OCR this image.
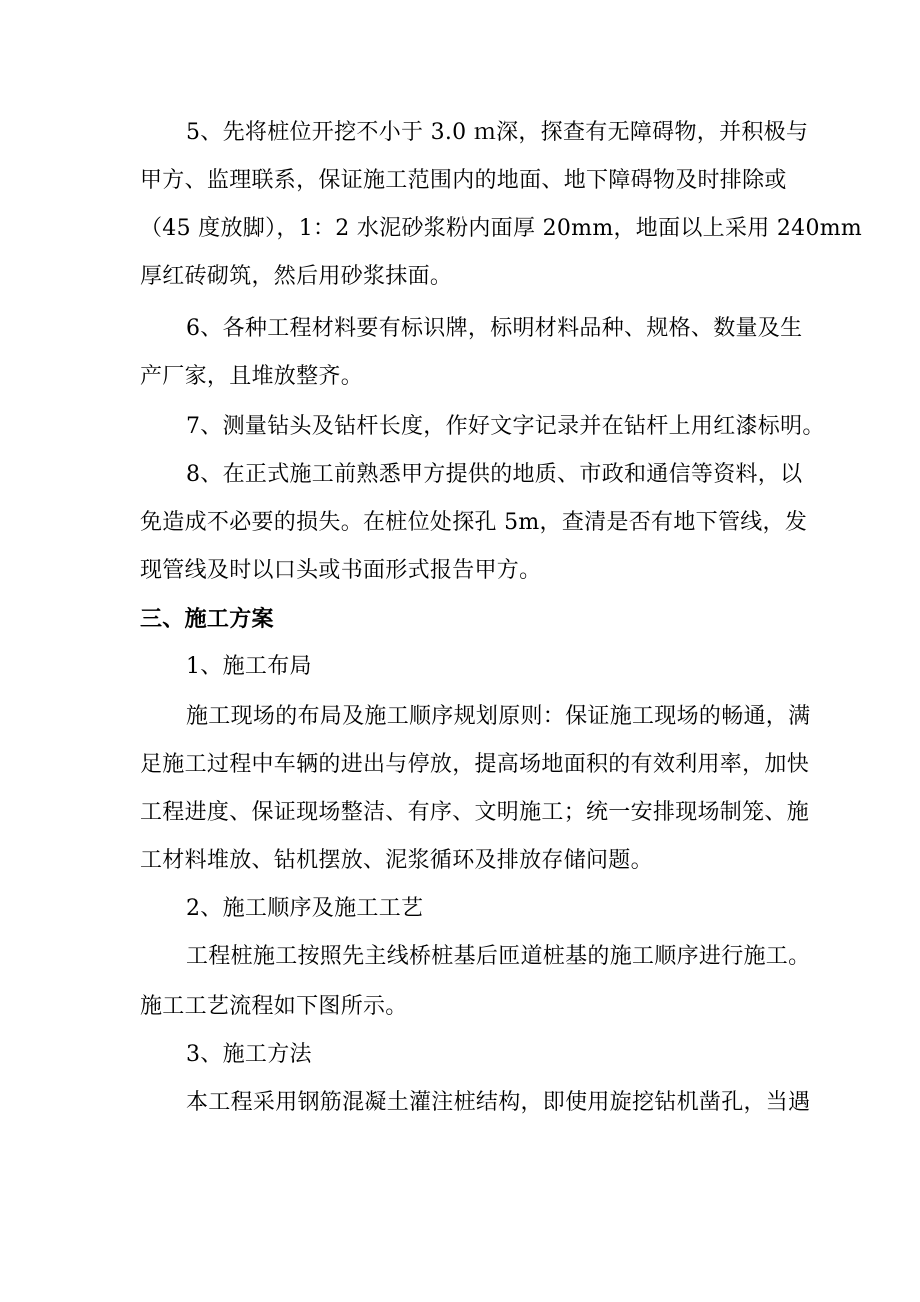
5、先将桩位开挖不小于 3.0 ｍ深，探查有无障碍物，并积极与
甲方、监理联系，保证施工范围内的地面、地下障碍物及时排除或
（45 度放脚），1：2 水泥砂浆粉内面厚 20mm，地面以上采用 240mm
厚红砖砌筑，然后用砂浆抹面。
6、各种工程材料要有标识牌，标明材料品种、规格、数量及生
产厂家，且堆放整齐。
7、测量钻头及钻杆长度，作好文字记录并在钻杆上用红漆标明。
8、在正式施工前熟悉甲方提供的地质、市政和通信等资料，以
免造成不必要的损失。在桩位处探孔 5m，查清是否有地下管线，发
现管线及时以口头或书面形式报告甲方。
三、施工方案
1、施工布局
施工现场的布局及施工顺序规划原则：保证施工现场的畅通，满
足施工过程中车辆的进出与停放，提高场地面积的有效利用率，加快
工程进度、保证现场整洁、有序、文明施工；统一安排现场制笼、施
工材料堆放、钻机摆放、泥浆循环及排放存储问题。
2、施工顺序及施工工艺
工程桩施工按照先主线桥桩基后匝道桩基的施工顺序进行施工。
施工工艺流程如下图所示。
3、施工方法
本工程采用钢筋混凝土灌注桩结构，即使用旋挖钻机凿孔，当遇
